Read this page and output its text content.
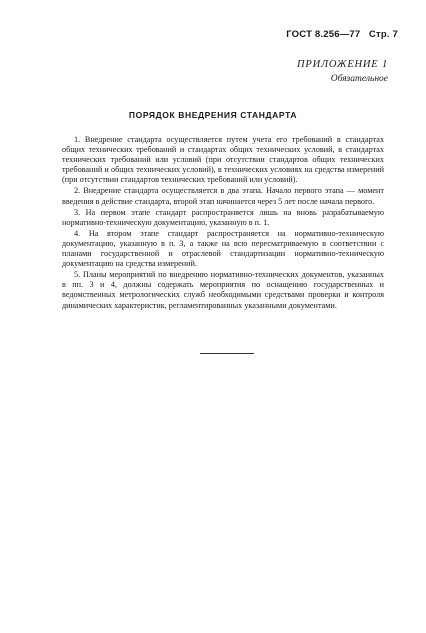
ГОСТ 8.256—77 Стр. 7
ПРИЛОЖЕНИЕ 1
Обязательное
ПОРЯДОК ВНЕДРЕНИЯ СТАНДАРТА

1. Внедрение стандарта осуществляется путем учета его требований в стандартах общих технических требований и стандартах общих технических условий, в стандартах технических требований или условий (при отсутствии стандартов общих технических требований и общих технических условий), в технических условиях на средства измерений (при отсутствии стандартов технических требований или условий).

2. Внедрение стандарта осуществляется в два этапа. Начало первого этапа — момент введения в действие стандарта, второй этап начинается через 5 лет после начала первого.

3. На первом этапе стандарт распространяется лишь на вновь разрабатываемую нормативно-техническую документацию, указанную в п. 1.

4. На втором этапе стандарт распространяется на нормативно-техническую документацию, указанную в п. 3, а также на всю пересматриваемую в соответствии с планами государственной и отраслевой стандартизации нормативно-техническую документацию на средства измерений.

5. Планы мероприятий по внедрению нормативно-технических документов, указанных в пп. 3 и 4, должны содержать мероприятия по оснащению государственных и ведомственных метрологических служб необходимыми средствами проверки и контроля динамических характеристик, регламентированных указанными документами.
